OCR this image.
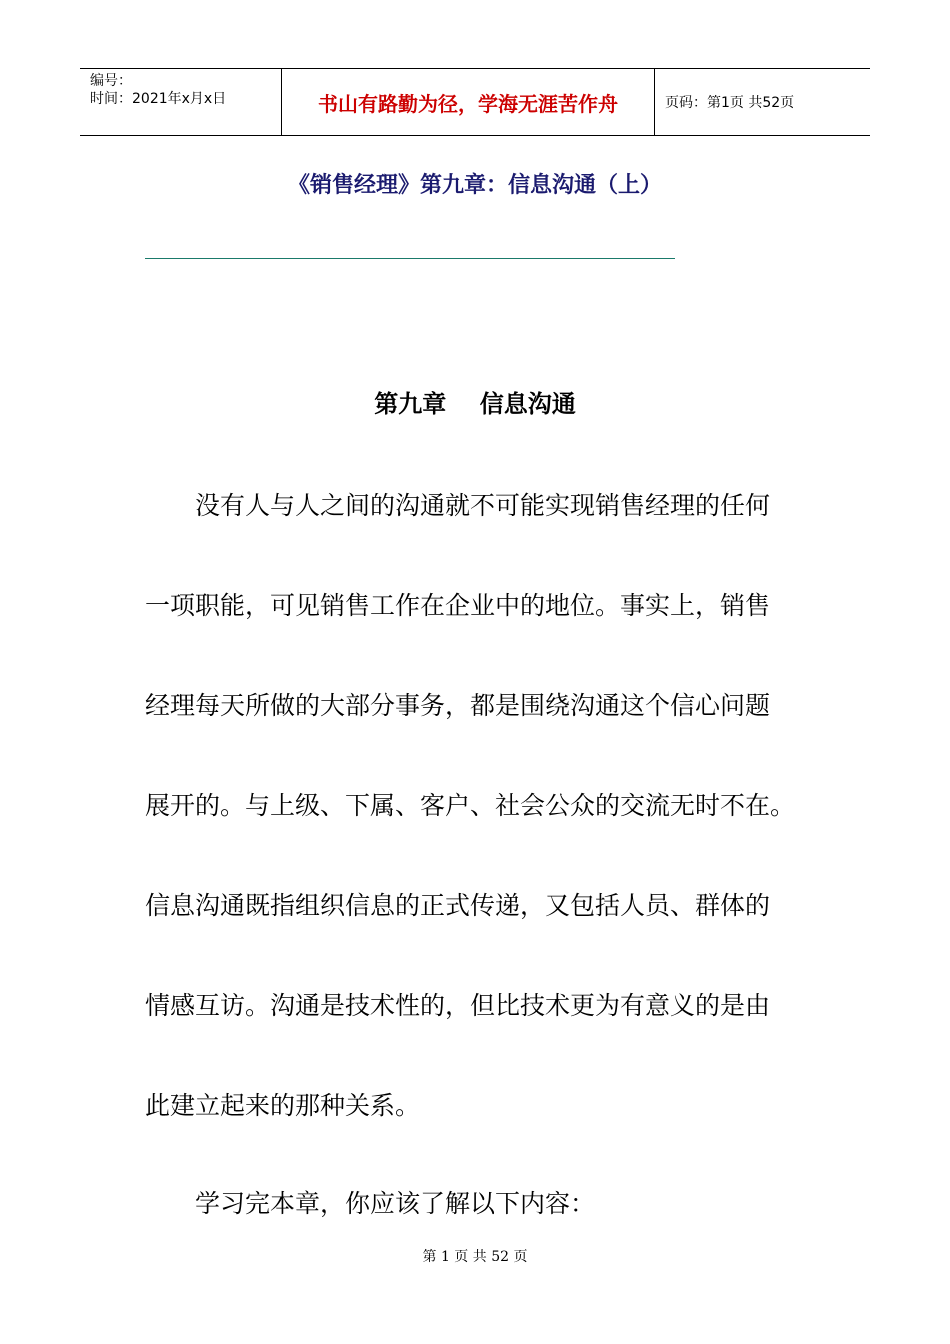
编号：
时间：2021年x月x日	书山有路勤为径，学海无涯苦作舟	页码：第1页 共52页
《销售经理》第九章：信息沟通（上）
第九章    信息沟通
没有人与人之间的沟通就不可能实现销售经理的任何
一项职能，可见销售工作在企业中的地位。事实上，销售
经理每天所做的大部分事务，都是围绕沟通这个信心问题
展开的。与上级、下属、客户、社会公众的交流无时不在。
信息沟通既指组织信息的正式传递，又包括人员、群体的
情感互访。沟通是技术性的，但比技术更为有意义的是由
此建立起来的那种关系。
学习完本章，你应该了解以下内容：
第 1 页 共 52 页
